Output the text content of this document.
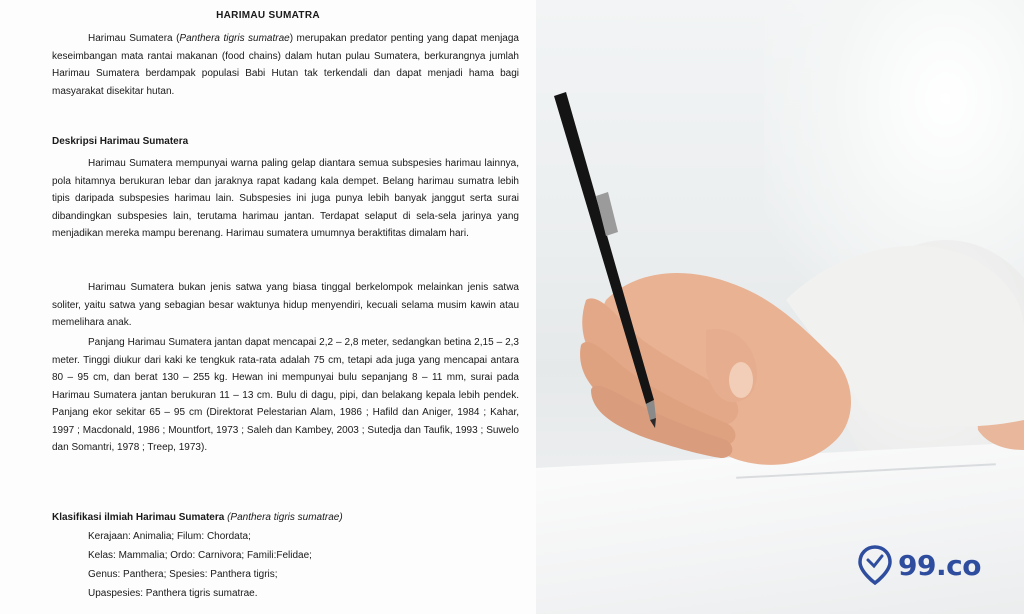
HARIMAU SUMATRA

Harimau Sumatera (Panthera tigris sumatrae) merupakan predator penting yang dapat menjaga keseimbangan mata rantai makanan (food chains) dalam hutan pulau Sumatera, berkurangnya jumlah Harimau Sumatera berdampak populasi Babi Hutan tak terkendali dan dapat menjadi hama bagi masyarakat disekitar hutan.

Deskripsi Harimau Sumatera

Harimau Sumatera mempunyai warna paling gelap diantara semua subspesies harimau lainnya, pola hitamnya berukuran lebar dan jaraknya rapat kadang kala dempet. Belang harimau sumatra lebih tipis daripada subspesies harimau lain. Subspesies ini juga punya lebih banyak janggut serta surai dibandingkan subspesies lain, terutama harimau jantan. Terdapat selaput di sela-sela jarinya yang menjadikan mereka mampu berenang. Harimau sumatera umumnya beraktifitas dimalam hari.

Harimau Sumatera bukan jenis satwa yang biasa tinggal berkelompok melainkan jenis satwa soliter, yaitu satwa yang sebagian besar waktunya hidup menyendiri, kecuali selama musim kawin atau memelihara anak.

Panjang Harimau Sumatera jantan dapat mencapai 2,2 – 2,8 meter, sedangkan betina 2,15 – 2,3 meter. Tinggi diukur dari kaki ke tengkuk rata-rata adalah 75 cm, tetapi ada juga yang mencapai antara 80 – 95 cm, dan berat 130 – 255 kg. Hewan ini mempunyai bulu sepanjang 8 – 11 mm, surai pada Harimau Sumatera jantan berukuran 11 – 13 cm. Bulu di dagu, pipi, dan belakang kepala lebih pendek. Panjang ekor sekitar 65 – 95 cm (Direktorat Pelestarian Alam, 1986 ; Hafild dan Aniger, 1984 ; Kahar, 1997 ; Macdonald, 1986 ; Mountfort, 1973 ; Saleh dan Kambey, 2003 ; Sutedja dan Taufik, 1993 ; Suwelo dan Somantri, 1978 ; Treep, 1973).

Klasifikasi ilmiah Harimau Sumatera (Panthera tigris sumatrae)

Kerajaan: Animalia; Filum: Chordata;

Kelas: Mammalia; Ordo: Carnivora; Famili:Felidae;

Genus: Panthera; Spesies: Panthera tigris;

Upaspesies: Panthera tigris sumatrae.

99.co
